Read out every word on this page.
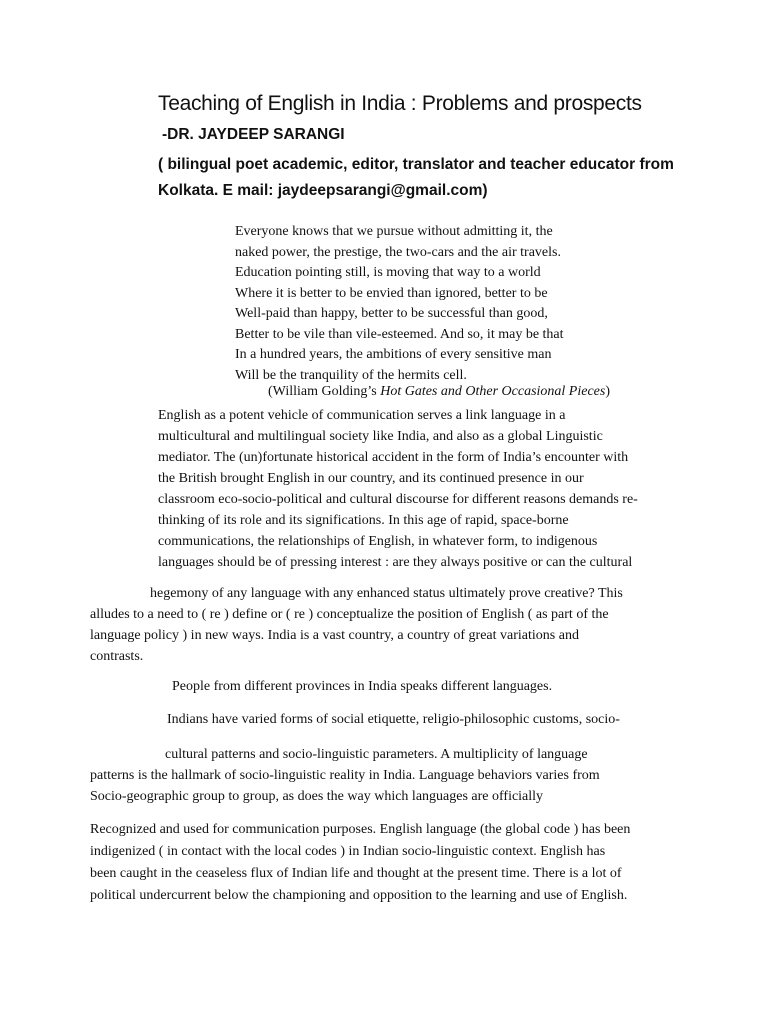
Teaching of English in India : Problems and prospects
-DR. JAYDEEP SARANGI
( bilingual poet academic, editor, translator and teacher educator from
Kolkata. E mail: jaydeepsarangi@gmail.com)
Everyone knows that we pursue without admitting it, the
naked power, the prestige, the two-cars and the air travels.
Education pointing still, is moving that way to a world
Where it is better to be envied than ignored, better to be
Well-paid than happy, better to be successful than good,
Better to be vile than vile-esteemed. And so, it may be that
In a hundred years, the ambitions of every sensitive man
Will be the tranquility of the hermits cell.
(William Golding’s Hot Gates and Other Occasional Pieces)
English as a potent vehicle of communication serves a link language in a
multicultural and multilingual society like India, and also as a global Linguistic
mediator. The (un)fortunate historical accident in the form of India’s encounter with
the British brought English in our country, and its continued presence in our
classroom eco-socio-political and cultural discourse for different reasons demands re-
thinking of its role and its significations. In this age of rapid, space-borne
communications, the relationships of English, in whatever form, to indigenous
languages should be of pressing interest : are they always positive or can the cultural
hegemony of any language with any enhanced status ultimately prove creative? This
alludes to a need to ( re ) define or ( re ) conceptualize the position of English ( as part of the
language policy ) in new ways. India is a vast country, a country of great variations and
contrasts.
People from different provinces in India speaks different languages.
Indians have varied forms of social etiquette, religio-philosophic customs, socio-
cultural patterns and socio-linguistic parameters. A multiplicity of language
patterns is the hallmark of socio-linguistic reality in India. Language behaviors varies from
Socio-geographic group to group, as does the way which languages are officially
Recognized and used for communication purposes. English language (the global code ) has been
indigenized ( in contact with the local codes ) in Indian socio-linguistic context. English has
been caught in the ceaseless flux of Indian life and thought at the present time. There is a lot of
political undercurrent below the championing and opposition to the learning and use of English.
